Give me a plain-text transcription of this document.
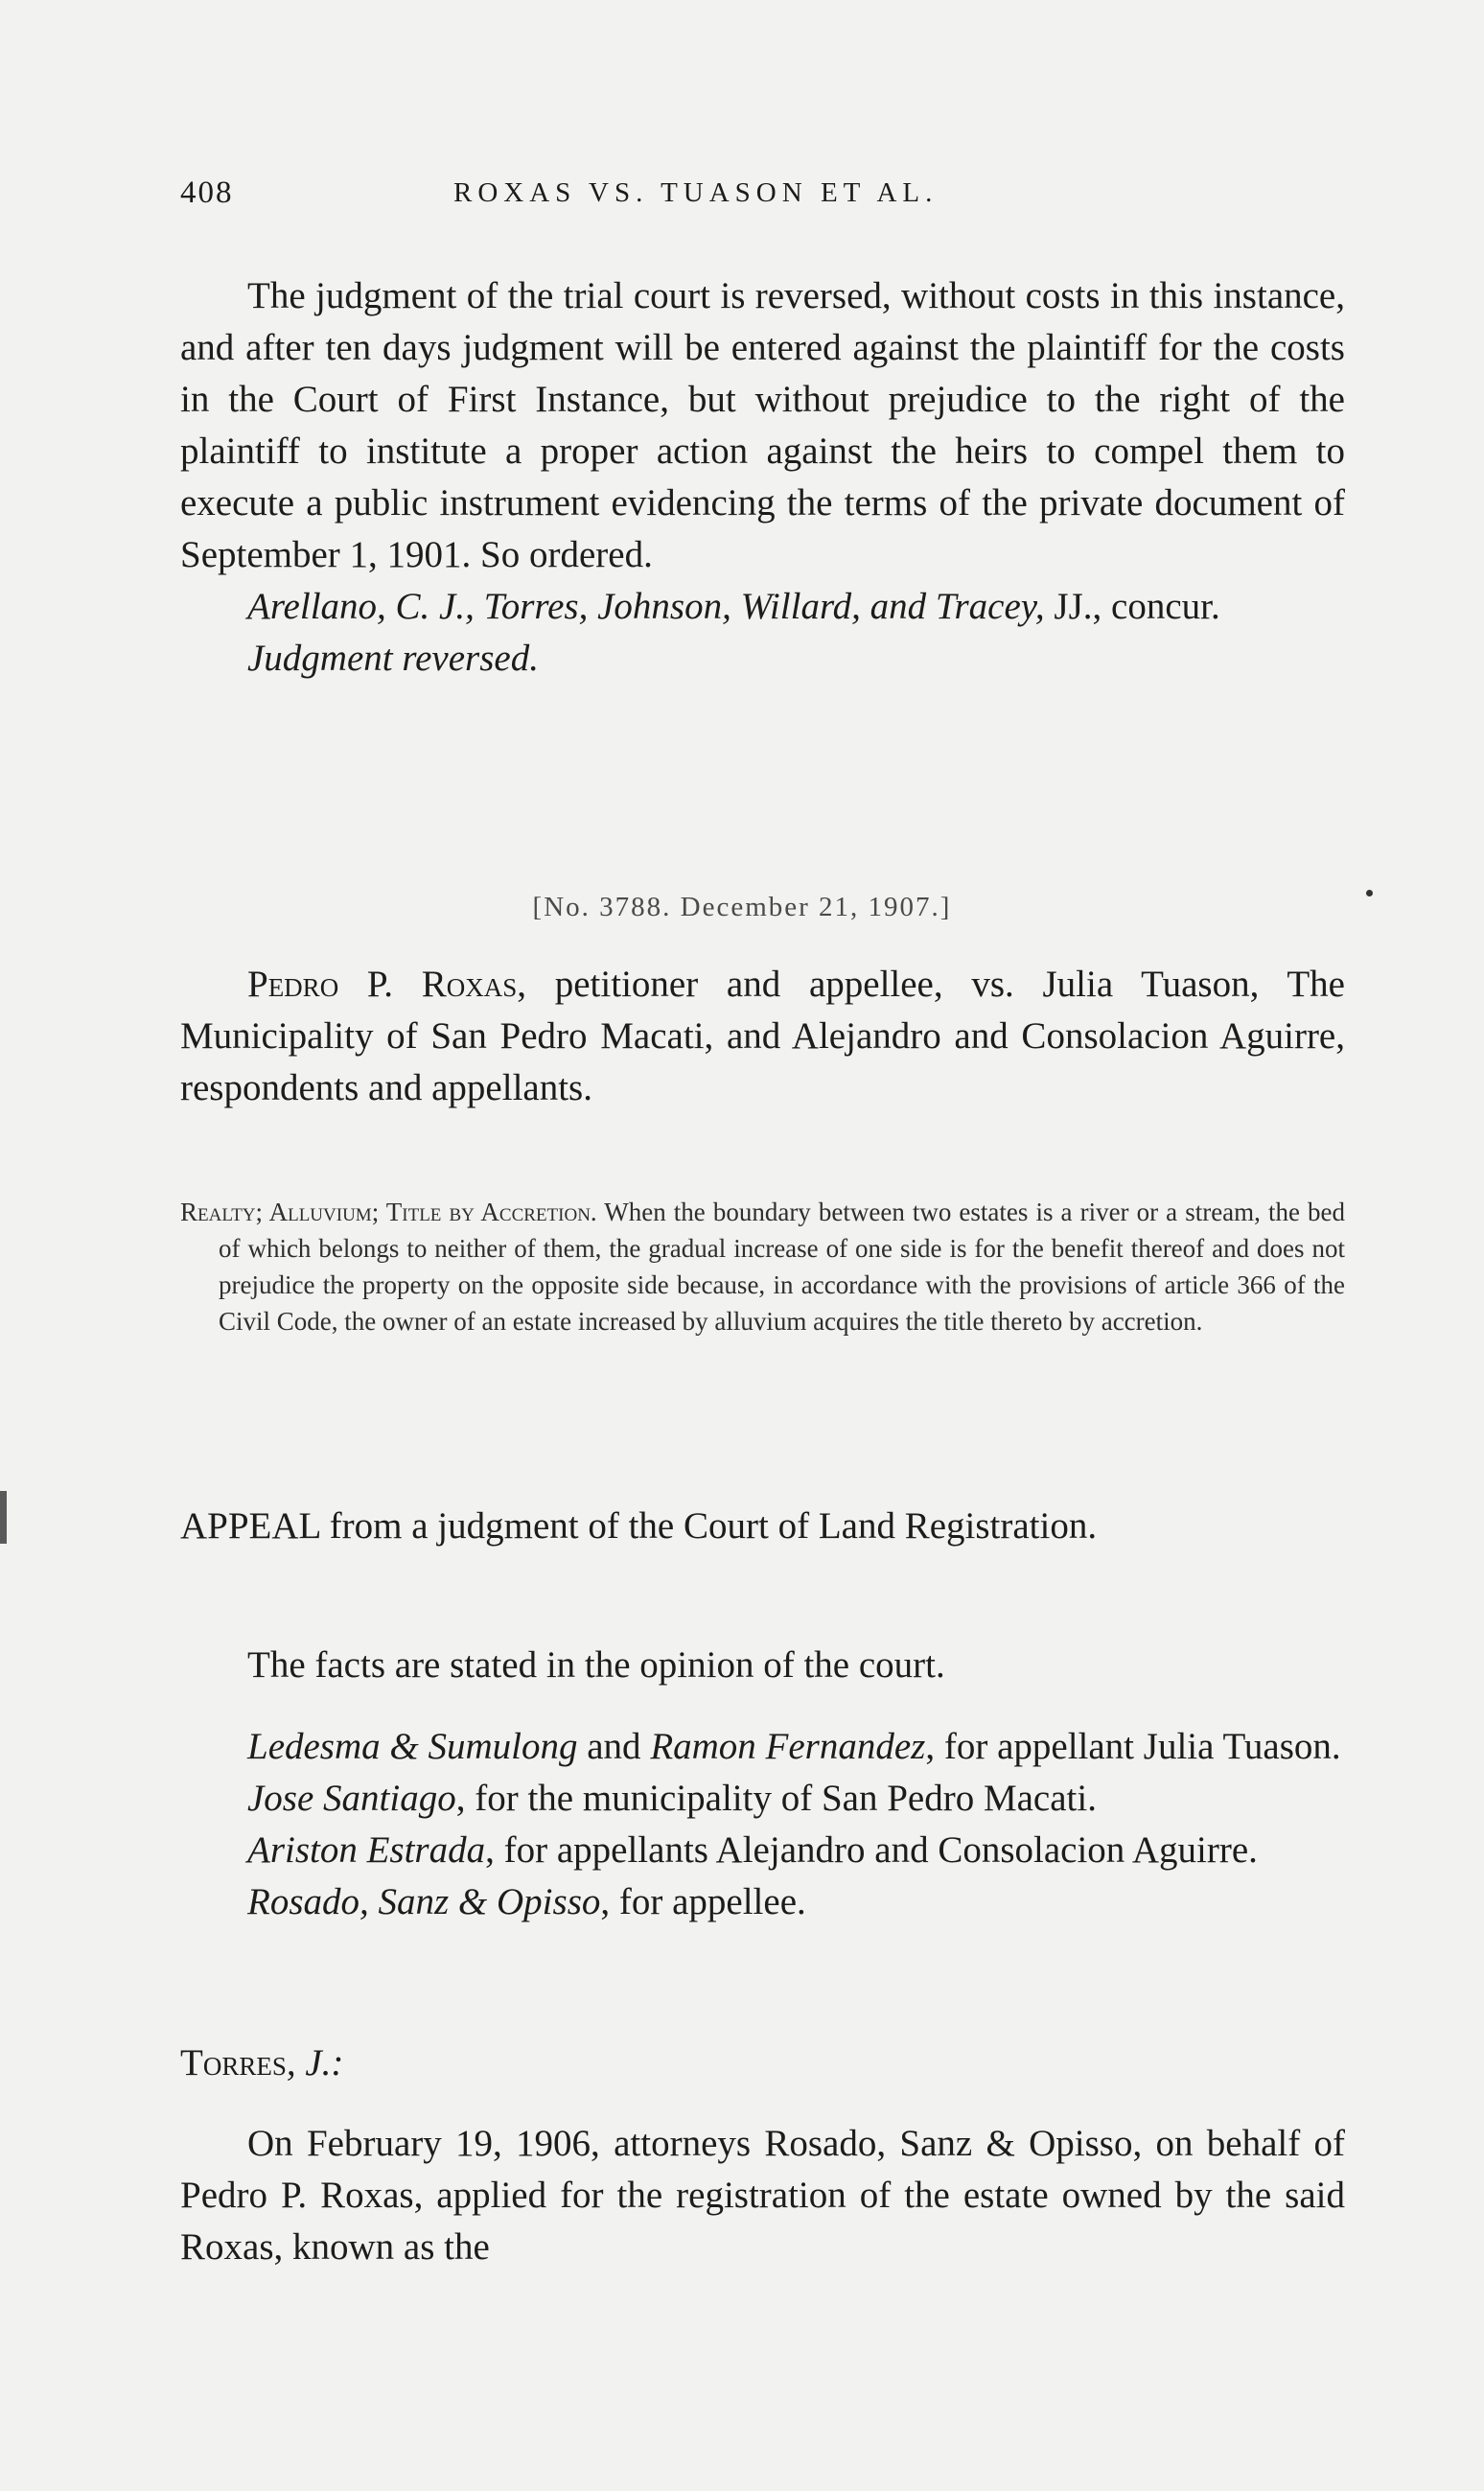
408	ROXAS VS. TUASON ET AL.

The judgment of the trial court is reversed, without costs in this instance, and after ten days judgment will be entered against the plaintiff for the costs in the Court of First Instance, but without prejudice to the right of the plaintiff to institute a proper action against the heirs to compel them to execute a public instrument evidencing the terms of the private document of September 1, 1901. So ordered.

Arellano, C. J., Torres, Johnson, Willard, and Tracey, JJ., concur.

Judgment reversed.

[No. 3788. December 21, 1907.]

Pedro P. Roxas, petitioner and appellee, vs. Julia Tuason, The Municipality of San Pedro Macati, and Alejandro and Consolacion Aguirre, respondents and appellants.

Realty; Alluvium; Title by Accretion. When the boundary between two estates is a river or a stream, the bed of which belongs to neither of them, the gradual increase of one side is for the benefit thereof and does not prejudice the property on the opposite side because, in accordance with the provisions of article 366 of the Civil Code, the owner of an estate increased by alluvium acquires the title thereto by accretion.

APPEAL from a judgment of the Court of Land Registration.

The facts are stated in the opinion of the court.

Ledesma & Sumulong and Ramon Fernandez, for appellant Julia Tuason.

Jose Santiago, for the municipality of San Pedro Macati.

Ariston Estrada, for appellants Alejandro and Consolacion Aguirre.

Rosado, Sanz & Opisso, for appellee.

Torres, J.:

On February 19, 1906, attorneys Rosado, Sanz & Opisso, on behalf of Pedro P. Roxas, applied for the registration of the estate owned by the said Roxas, known as the
